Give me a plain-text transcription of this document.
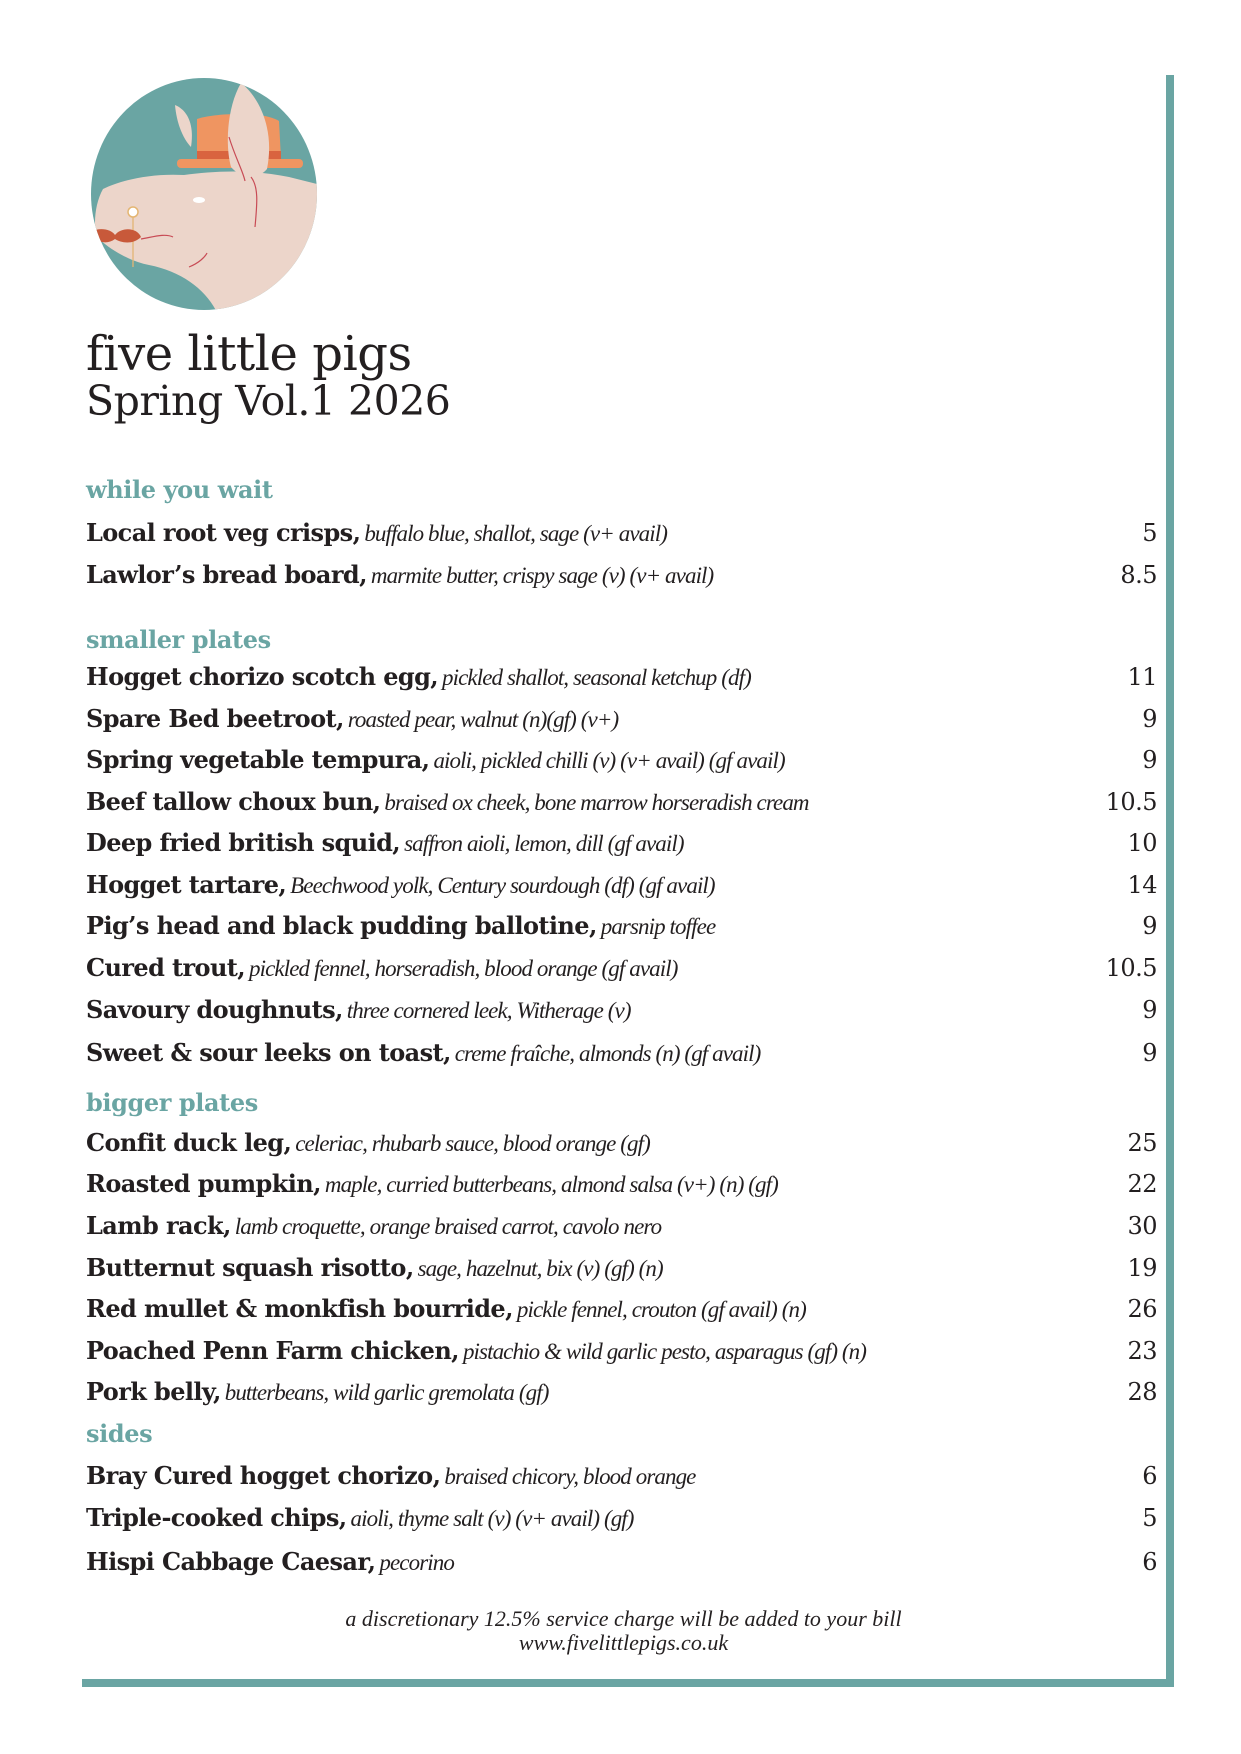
five little pigs
Spring Vol.1 2026
while you wait
Local root veg crisps , buffalo blue, shallot, sage (v+ avail)	5
Lawlor’s bread board, marmite butter, crispy sage (v) (v+ avail)	8.5
smaller plates
Hogget chorizo scotch egg , pickled shallot, seasonal ketchup (df)	11
Spare Bed beetroot, roasted pear, walnut (n)(gf) (v+)	9
Spring vegetable tempura , aioli, pickled chilli (v) (v+ avail) (gf avail)	9
Beef tallow choux bun, braised ox cheek, bone marrow horseradish cream	10.5
Deep fried british squid , saffron aioli, lemon, dill (gf avail)	10
Hogget tartare, Beechwood yolk, Century sourdough (df) (gf avail)	14
Pig’s head and black pudding ballotine, parsnip toffee	9
Cured trout, pickled fennel, horseradish, blood orange (gf avail)	10.5
Savoury doughnuts, three cornered leek, Witherage (v)	9
Sweet & sour leeks on toast, creme fraîche, almonds (n) (gf avail)	9
bigger plates
Confit duck leg, celeriac, rhubarb sauce, blood orange (gf)	25
Roasted pumpkin, maple, curried butterbeans, almond salsa (v+) (n) (gf)	22
Lamb rack, lamb croquette, orange braised carrot, cavolo nero	30
Butternut squash risotto, sage, hazelnut, bix (v) (gf) (n)	19
Red mullet & monkfish bourride , pickle fennel, crouton (gf avail) (n)	26
Poached Penn Farm chicken , pistachio & wild garlic pesto, asparagus (gf) (n)	23
Pork belly, butterbeans, wild garlic gremolata (gf)	28
sides
Bray Cured hogget chorizo, braised chicory, blood orange	6
Triple-cooked chips , aioli, thyme salt (v) (v+ avail) (gf)	5
Hispi Cabbage Caesar, pecorino	6
a discretionary 12.5% service charge will be added to your bill
www.fivelittlepigs.co.uk
